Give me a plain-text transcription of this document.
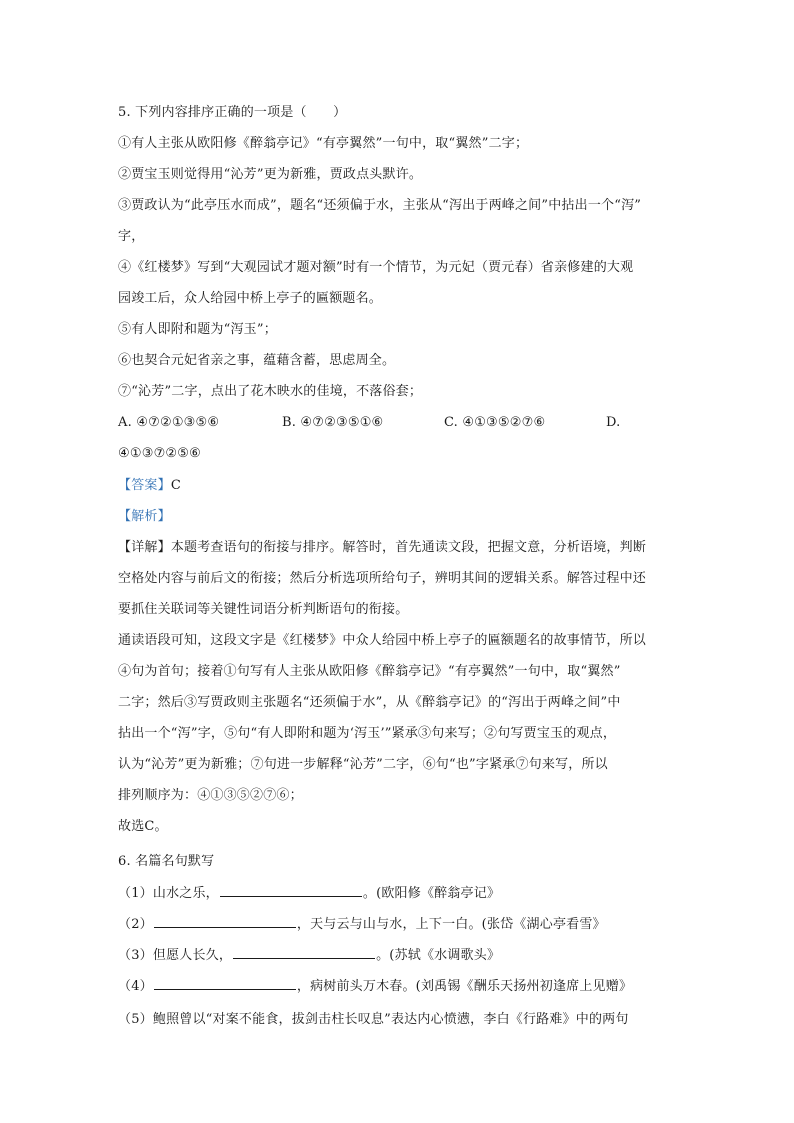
5. 下列内容排序正确的一项是（　　）
①有人主张从欧阳修《醉翁亭记》“有亭翼然”一句中，取“翼然”二字；
②贾宝玉则觉得用“沁芳”更为新雅，贾政点头默许。
③贾政认为“此亭压水而成”，题名“还须偏于水，主张从“泻出于两峰之间”中拈出一个“泻”
字，
④《红楼梦》写到“大观园试才题对额”时有一个情节，为元妃（贾元春）省亲修建的大观
园竣工后，众人给园中桥上亭子的匾额题名。
⑤有人即附和题为“泻玉”；
⑥也契合元妃省亲之事，蕴藉含蓄，思虑周全。
⑦“沁芳”二字，点出了花木映水的佳境，不落俗套；
A. ④⑦②①③⑤⑥	B. ④⑦②③⑤①⑥	C. ④①③⑤②⑦⑥	D.
④①③⑦②⑤⑥
【答案】C
【解析】
【详解】本题考查语句的衔接与排序。解答时，首先通读文段，把握文意，分析语境，判断
空格处内容与前后文的衔接；然后分析选项所给句子，辨明其间的逻辑关系。解答过程中还
要抓住关联词等关键性词语分析判断语句的衔接。
通读语段可知，这段文字是《红楼梦》中众人给园中桥上亭子的匾额题名的故事情节，所以
④句为首句；接着①句写有人主张从欧阳修《醉翁亭记》“有亭翼然”一句中，取“翼然”
二字；然后③写贾政则主张题名“还须偏于水”，从《醉翁亭记》的“泻出于两峰之间”中
拈出一个“泻”字，⑤句“有人即附和题为‘泻玉’”紧承③句来写；②句写贾宝玉的观点，
认为“沁芳”更为新雅；⑦句进一步解释“沁芳”二字，⑥句“也”字紧承⑦句来写，所以
排列顺序为：④①③⑤②⑦⑥；
故选C。
6. 名篇名句默写
（1）山水之乐，	。(欧阳修《醉翁亭记》
（2）	，天与云与山与水，上下一白。(张岱《湖心亭看雪》
（3）但愿人长久，	。(苏轼《水调歌头》
（4）	，病树前头万木春。(刘禹锡《酬乐天扬州初逢席上见赠》
（5）鲍照曾以“对案不能食，拔剑击柱长叹息”表达内心愤懑，李白《行路难》中的两句
